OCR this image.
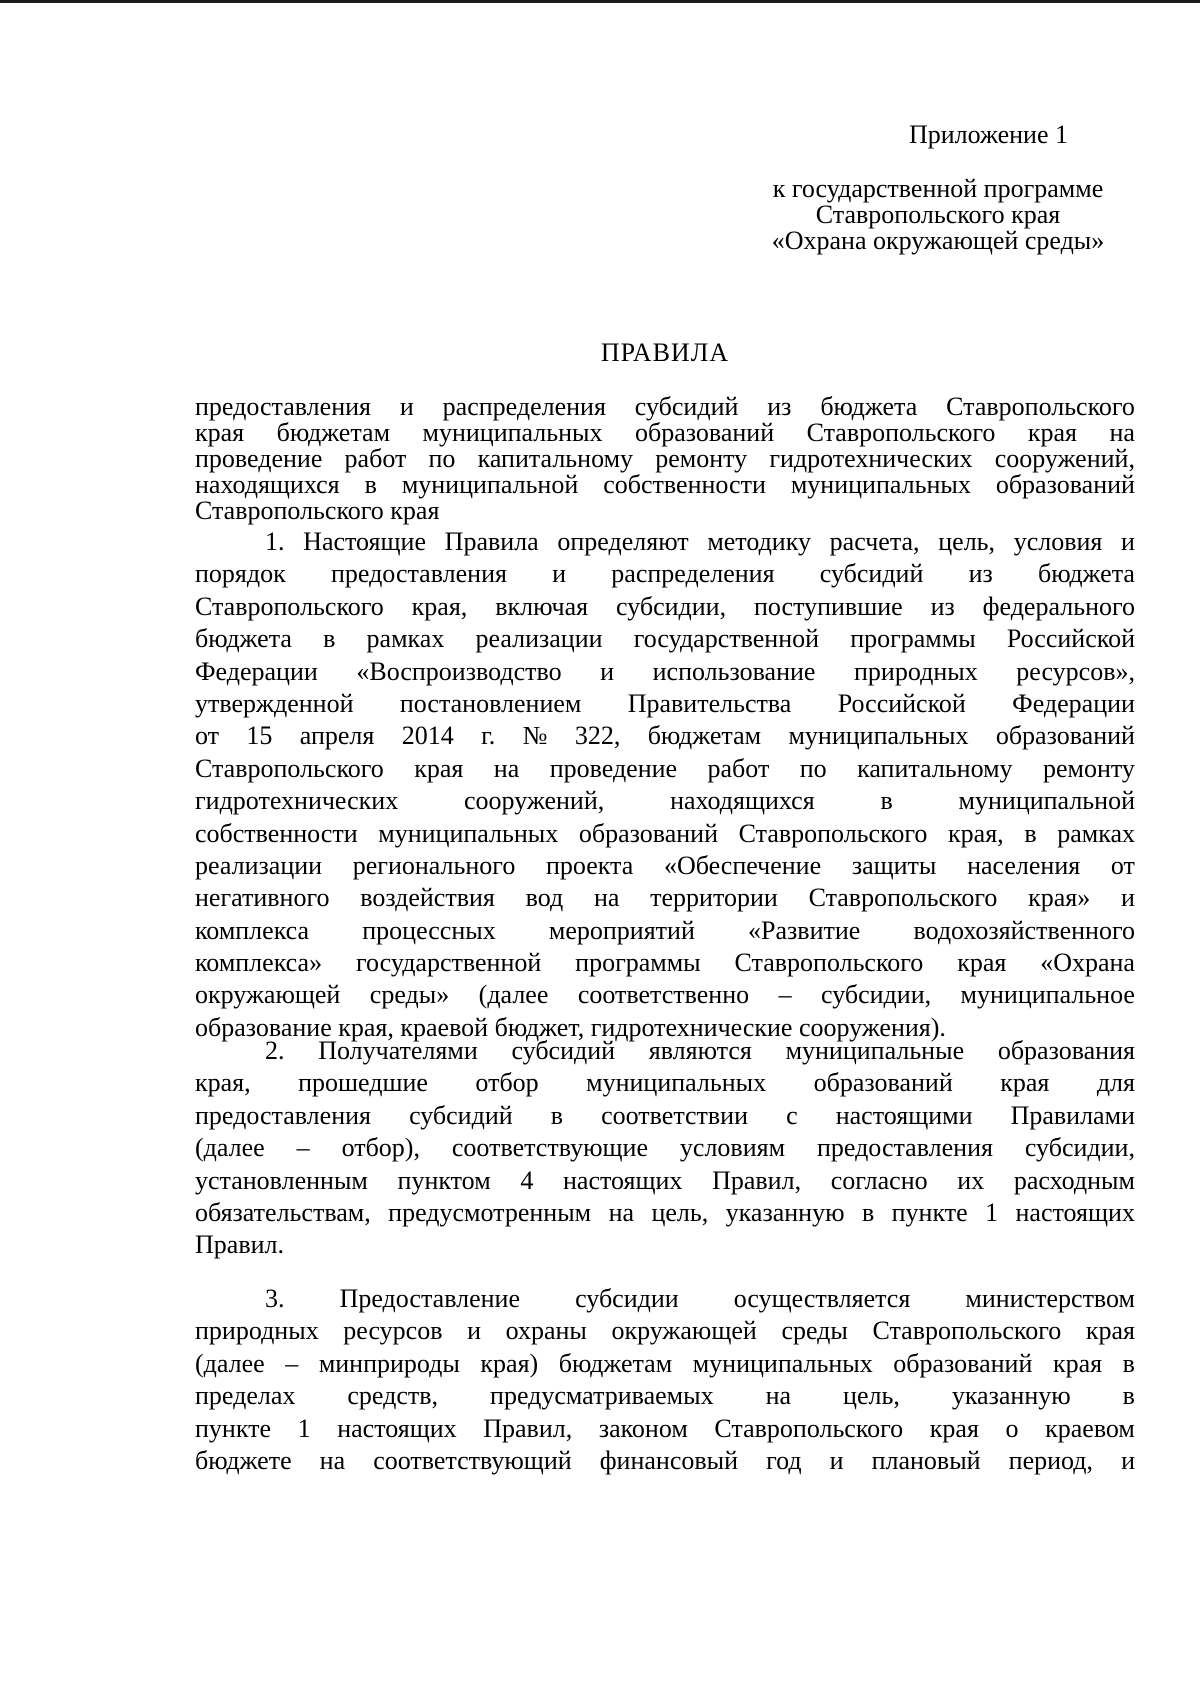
Приложение 1
к государственной программе
Ставропольского края
«Охрана окружающей среды»
ПРАВИЛА
предоставления и распределения субсидий из бюджета Ставропольского
края бюджетам муниципальных образований Ставропольского края на
проведение работ по капитальному ремонту гидротехнических сооружений,
находящихся в муниципальной собственности муниципальных образований
Ставропольского края
1. Настоящие Правила определяют методику расчета, цель, условия и
порядок предоставления и распределения субсидий из бюджета
Ставропольского края, включая субсидии, поступившие из федерального
бюджета в рамках реализации государственной программы Российской
Федерации «Воспроизводство и использование природных ресурсов»,
утвержденной постановлением Правительства Российской Федерации
от 15 апреля 2014 г. № 322, бюджетам муниципальных образований
Ставропольского края на проведение работ по капитальному ремонту
гидротехнических	сооружений,	находящихся	в	муниципальной
собственности муниципальных образований Ставропольского края, в рамках
реализации регионального проекта «Обеспечение защиты населения от
негативного воздействия вод на территории Ставропольского края» и
комплекса процессных мероприятий «Развитие водохозяйственного
комплекса» государственной программы Ставропольского края «Охрана
окружающей среды» (далее соответственно – субсидии, муниципальное
образование края, краевой бюджет, гидротехнические сооружения).
2. Получателями субсидий являются муниципальные образования
края, прошедшие отбор муниципальных образований края для
предоставления субсидий в соответствии с настоящими Правилами
(далее – отбор), соответствующие условиям предоставления субсидии,
установленным пунктом 4 настоящих Правил, согласно их расходным
обязательствам, предусмотренным на цель, указанную в пункте 1 настоящих
Правил.
3. Предоставление субсидии осуществляется министерством
природных ресурсов и охраны окружающей среды Ставропольского края
(далее – минприроды края) бюджетам муниципальных образований края в
пределах средств, предусматриваемых на цель, указанную в
пункте 1 настоящих Правил, законом Ставропольского края о краевом
бюджете на соответствующий финансовый год и плановый период, и
